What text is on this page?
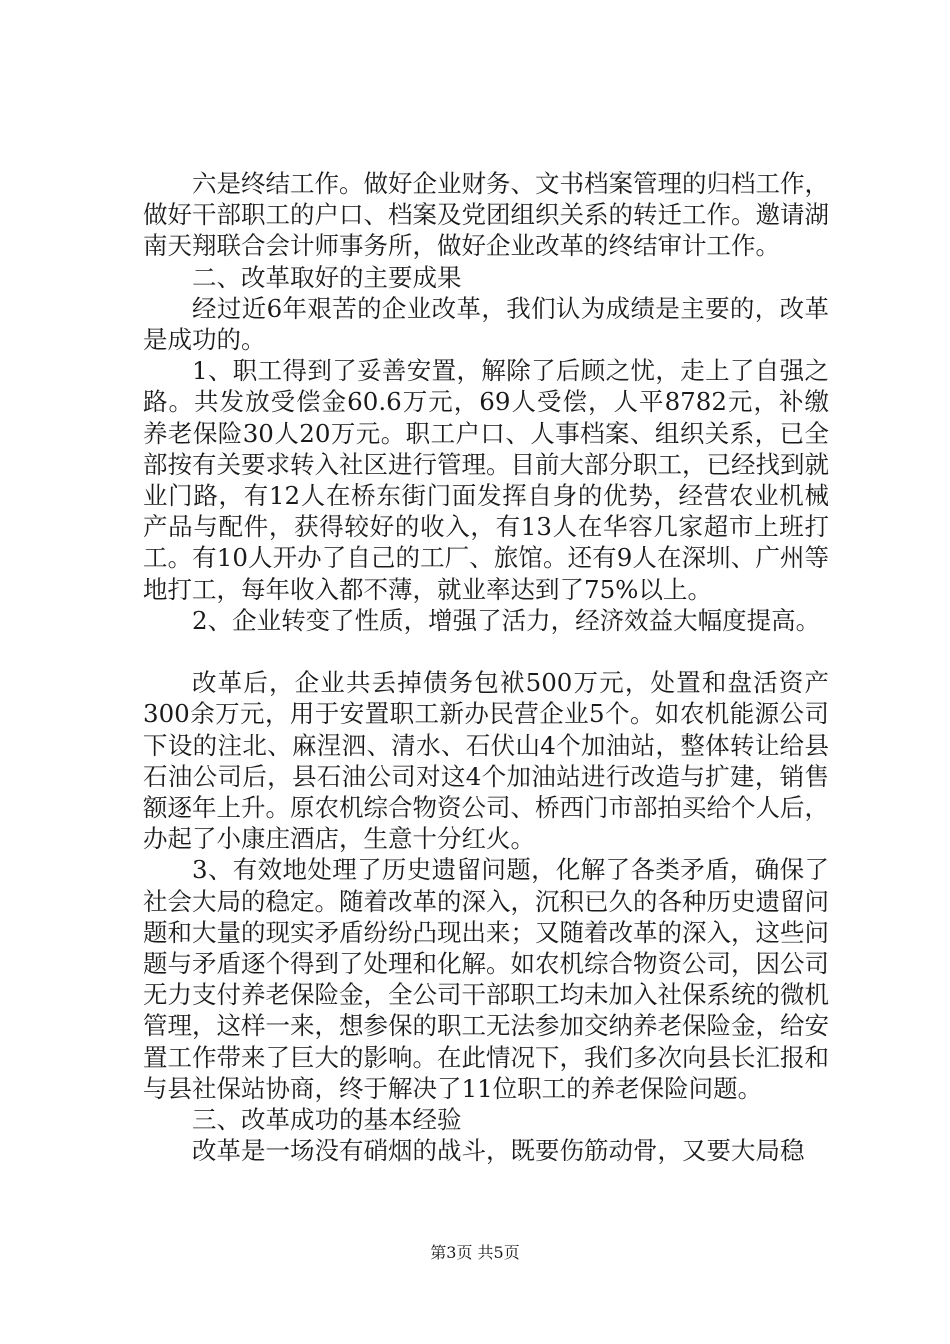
六是终结工作。做好企业财务、文书档案管理的归档工作，做好干部职工的户口、档案及党团组织关系的转迁工作。邀请湖南天翔联合会计师事务所，做好企业改革的终结审计工作。

二、改革取好的主要成果

经过近6年艰苦的企业改革，我们认为成绩是主要的，改革是成功的。

1、职工得到了妥善安置，解除了后顾之忧，走上了自强之路。共发放受偿金60.6万元，69人受偿，人平8782元，补缴养老保险30人20万元。职工户口、人事档案、组织关系，已全部按有关要求转入社区进行管理。目前大部分职工，已经找到就业门路，有12人在桥东街门面发挥自身的优势，经营农业机械产品与配件，获得较好的收入，有13人在华容几家超市上班打工。有10人开办了自己的工厂、旅馆。还有9人在深圳、广州等地打工，每年收入都不薄，就业率达到了75%以上。

2、企业转变了性质，增强了活力，经济效益大幅度提高。

改革后，企业共丢掉债务包袱500万元，处置和盘活资产300余万元，用于安置职工新办民营企业5个。如农机能源公司下设的注北、麻涅泗、清水、石伏山4个加油站，整体转让给县石油公司后，县石油公司对这4个加油站进行改造与扩建，销售额逐年上升。原农机综合物资公司、桥西门市部拍买给个人后，办起了小康庄酒店，生意十分红火。

3、有效地处理了历史遗留问题，化解了各类矛盾，确保了社会大局的稳定。随着改革的深入，沉积已久的各种历史遗留问题和大量的现实矛盾纷纷凸现出来；又随着改革的深入，这些问题与矛盾逐个得到了处理和化解。如农机综合物资公司，因公司无力支付养老保险金，全公司干部职工均未加入社保系统的微机管理，这样一来，想参保的职工无法参加交纳养老保险金，给安置工作带来了巨大的影响。在此情况下，我们多次向县长汇报和与县社保站协商，终于解决了11位职工的养老保险问题。

三、改革成功的基本经验

改革是一场没有硝烟的战斗，既要伤筋动骨，又要大局稳

第3页 共5页
